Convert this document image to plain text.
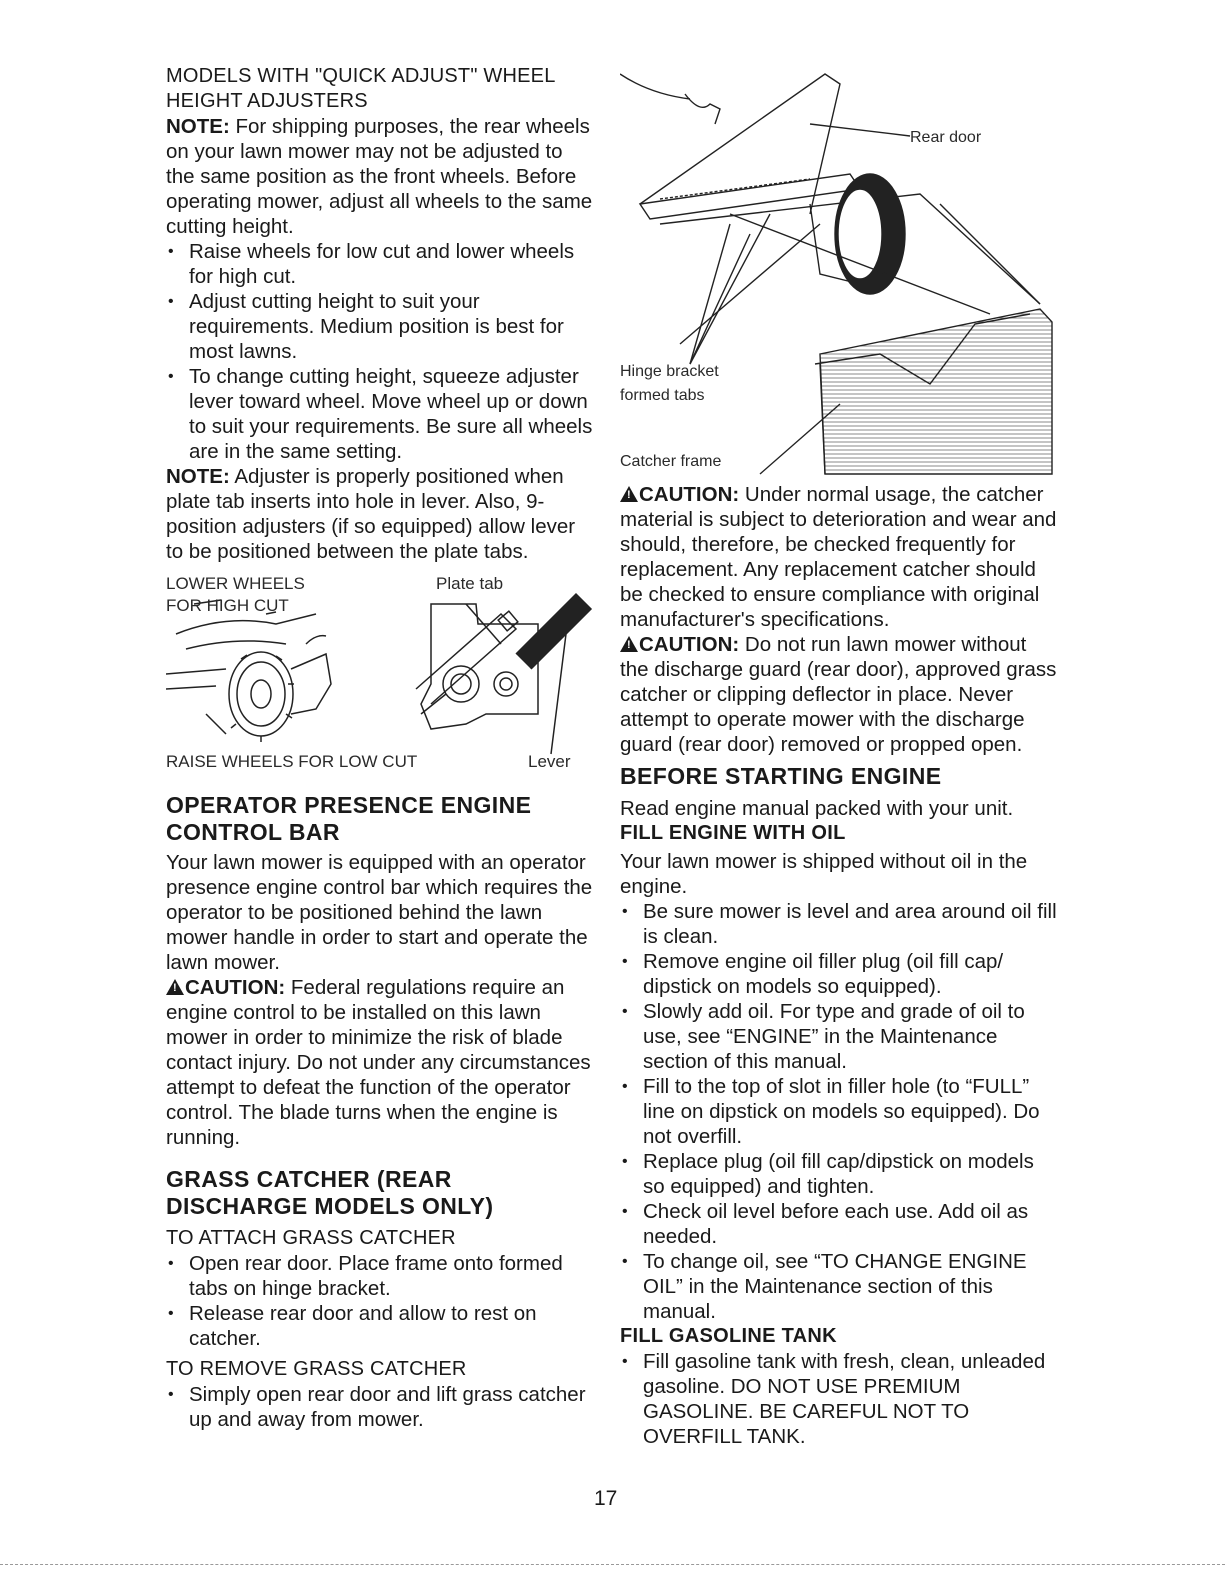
MODELS WITH "QUICK ADJUST" WHEEL
HEIGHT ADJUSTERS

NOTE: For shipping purposes, the rear wheels on your lawn mower may not be adjusted to the same position as the front wheels. Before operating mower, adjust all wheels to the same cutting height.

• Raise wheels for low cut and lower wheels for high cut.
• Adjust cutting height to suit your requirements. Medium position is best for most lawns.
• To change cutting height, squeeze adjuster lever toward wheel. Move wheel up or down to suit your requirements. Be sure all wheels are in the same setting.

NOTE: Adjuster is properly positioned when plate tab inserts into hole in lever. Also, 9-position adjusters (if so equipped) allow lever to be positioned between the plate tabs.

LOWER WHEELS
FOR HIGH CUT
Plate tab
RAISE WHEELS FOR LOW CUT	Lever

OPERATOR PRESENCE ENGINE
CONTROL BAR

Your lawn mower is equipped with an operator presence engine control bar which requires the operator to be positioned behind the lawn mower handle in order to start and operate the lawn mower.

!CAUTION: Federal regulations require an engine control to be installed on this lawn mower in order to minimize the risk of blade contact injury. Do not under any circumstances attempt to defeat the function of the operator control. The blade turns when the engine is running.

GRASS CATCHER (REAR
DISCHARGE MODELS ONLY)

TO ATTACH GRASS CATCHER

• Open rear door. Place frame onto formed tabs on hinge bracket.
• Release rear door and allow to rest on catcher.

TO REMOVE GRASS CATCHER

• Simply open rear door and lift grass catcher up and away from mower.
Rear door
Hinge bracket
formed tabs
Catcher frame

!CAUTION: Under normal usage, the catcher material is subject to deterioration and wear and should, therefore, be checked frequently for replacement. Any replacement catcher should be checked to ensure compliance with original manufacturer's specifications.

!CAUTION: Do not run lawn mower without the discharge guard (rear door), approved grass catcher or clipping deflector in place. Never attempt to operate mower with the discharge guard (rear door) removed or propped open.

BEFORE STARTING ENGINE

Read engine manual packed with your unit.

FILL ENGINE WITH OIL

Your lawn mower is shipped without oil in the engine.

• Be sure mower is level and area around oil fill is clean.
• Remove engine oil filler plug (oil fill cap/ dipstick on models so equipped).
• Slowly add oil. For type and grade of oil to use, see “ENGINE” in the Maintenance section of this manual.
• Fill to the top of slot in filler hole (to “FULL” line on dipstick on models so equipped). Do not overfill.
• Replace plug (oil fill cap/dipstick on models so equipped) and tighten.
• Check oil level before each use. Add oil as needed.
• To change oil, see “TO CHANGE ENGINE OIL” in the Maintenance section of this manual.

FILL GASOLINE TANK

• Fill gasoline tank with fresh, clean, unleaded gasoline. DO NOT USE PREMIUM GASOLINE. BE CAREFUL NOT TO OVERFILL TANK.
17
